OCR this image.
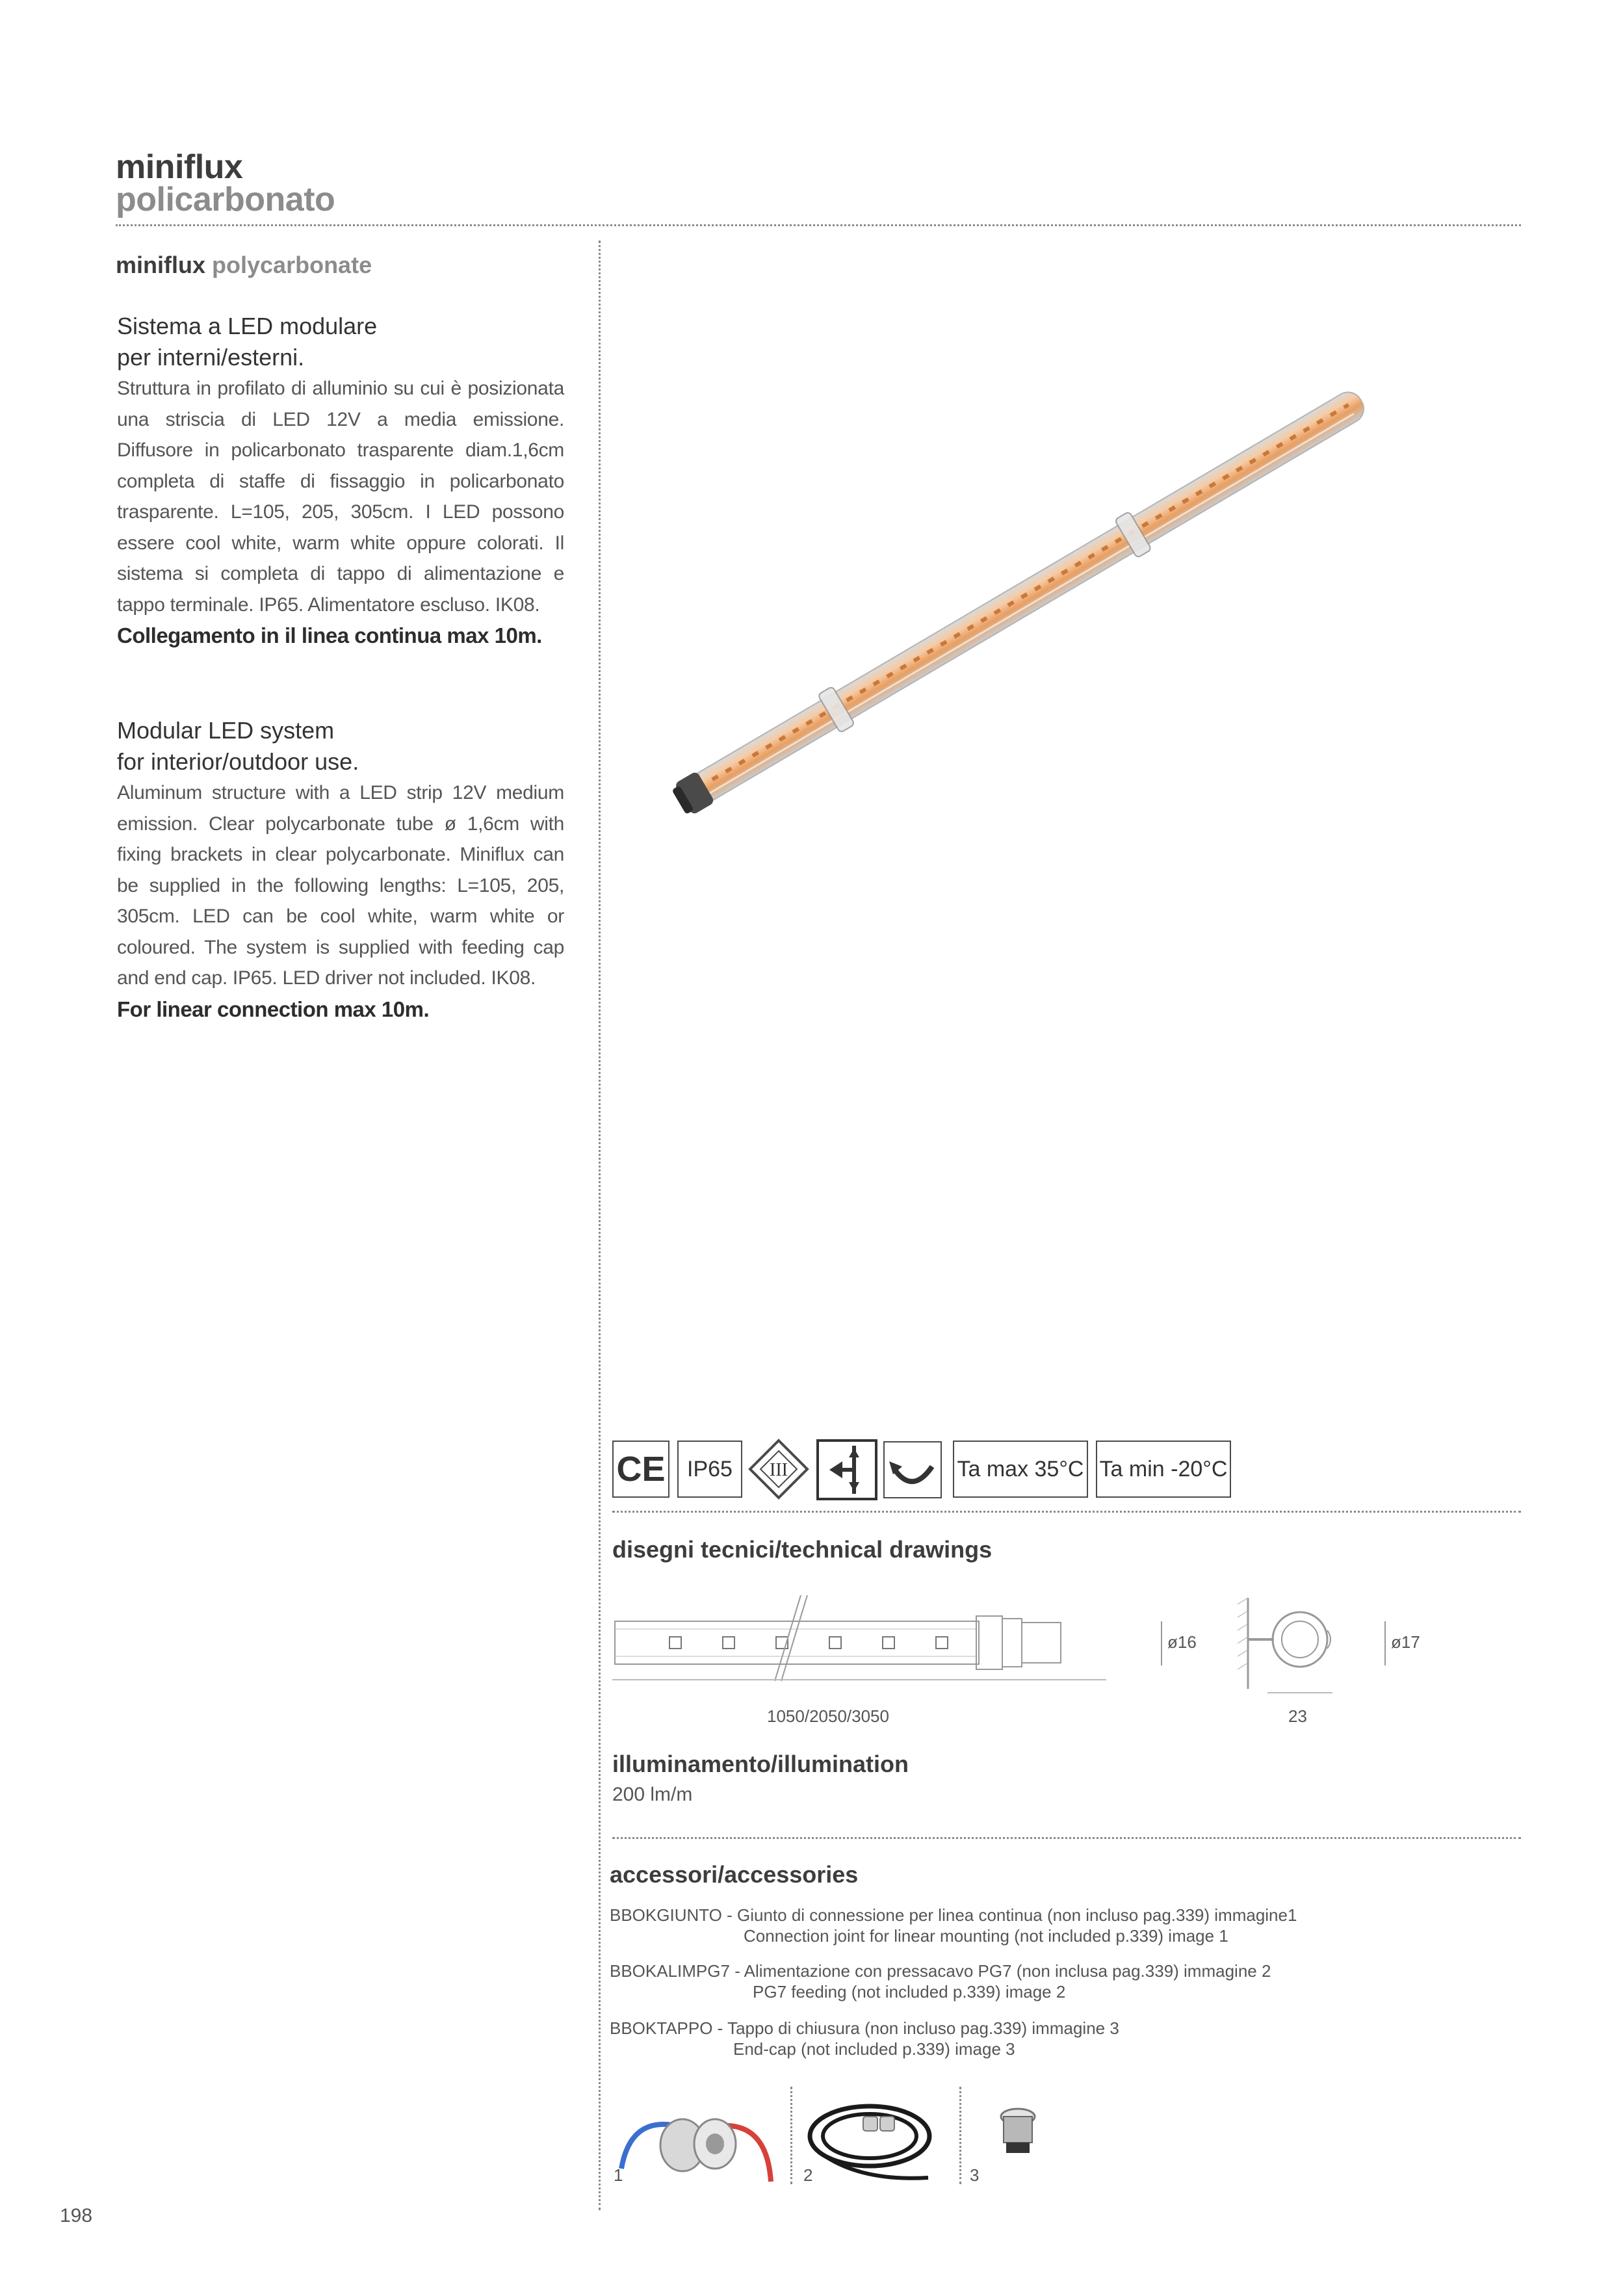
miniflux
policarbonato
miniflux polycarbonate
Sistema a LED modulare
per interni/esterni.
Struttura in profilato di alluminio su cui è posizionata una striscia di LED 12V a media emissione. Diffusore in policarbonato trasparente diam.1,6cm completa di staffe di fissaggio in policarbonato trasparente. L=105, 205, 305cm. I LED possono essere cool white, warm white oppure colorati. Il sistema si completa di tappo di alimentazione e tappo terminale. IP65. Alimentatore escluso. IK08.
Collegamento in il linea continua max 10m.
Modular LED system
for interior/outdoor use.
Aluminum structure with a LED strip 12V medium emission. Clear polycarbonate tube ø 1,6cm with fixing brackets in clear polycarbonate. Miniflux can be supplied in the following lengths: L=105, 205, 305cm. LED can be cool white, warm white or coloured. The system is supplied with feeding cap and end cap. IP65. LED driver not included. IK08.
For linear connection max 10m.
CE IP65	III	Ta max 35°C Ta min -20°C
disegni tecnici/technical drawings
1050/2050/3050
ø16	ø17
23
illuminamento/illumination
200 lm/m
accessori/accessories
BBOKGIUNTO - Giunto di connessione per linea continua (non incluso pag.339) immagine1
Connection joint for linear mounting (not included p.339) image 1
BBOKALIMPG7 - Alimentazione con pressacavo PG7 (non inclusa pag.339) immagine 2
PG7 feeding (not included p.339) image 2
BBOKTAPPO - Tappo di chiusura (non incluso pag.339) immagine 3
End-cap (not included p.339) image 3
1	2	3
198
